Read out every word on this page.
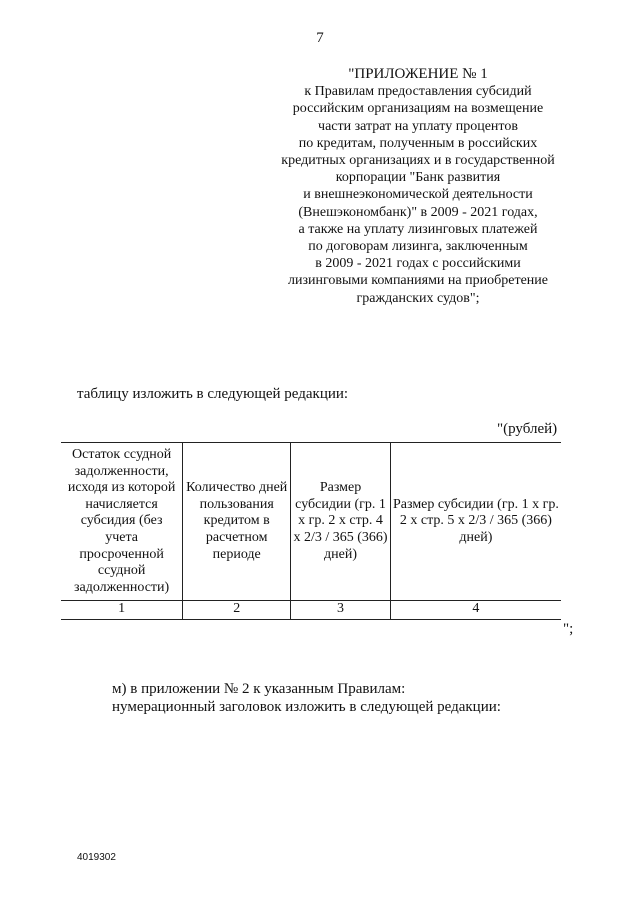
7
"ПРИЛОЖЕНИЕ № 1
к Правилам предоставления субсидий
российским организациям на возмещение
части затрат на уплату процентов
по кредитам, полученным в российских
кредитных организациях и в государственной
корпорации "Банк развития
и внешнеэкономической деятельности
(Внешэкономбанк)" в 2009 - 2021 годах,
а также на уплату лизинговых платежей
по договорам лизинга, заключенным
в 2009 - 2021 годах с российскими
лизинговыми компаниями на приобретение
гражданских судов";
таблицу изложить в следующей редакции:
"(рублей)
Остаток ссудной задолженности, исходя из которой начисляется субсидия (без учета просроченной ссудной задолженности)	Количество дней пользования кредитом в расчетном периоде	Размер субсидии (гр. 1 x гр. 2 x стр. 4 x 2/3 / 365 (366) дней)	Размер субсидии (гр. 1 x гр. 2 x стр. 5 x 2/3 / 365 (366) дней)
1	2	3	4
";
м) в приложении № 2 к указанным Правилам:
нумерационный заголовок изложить в следующей редакции:
4019302
